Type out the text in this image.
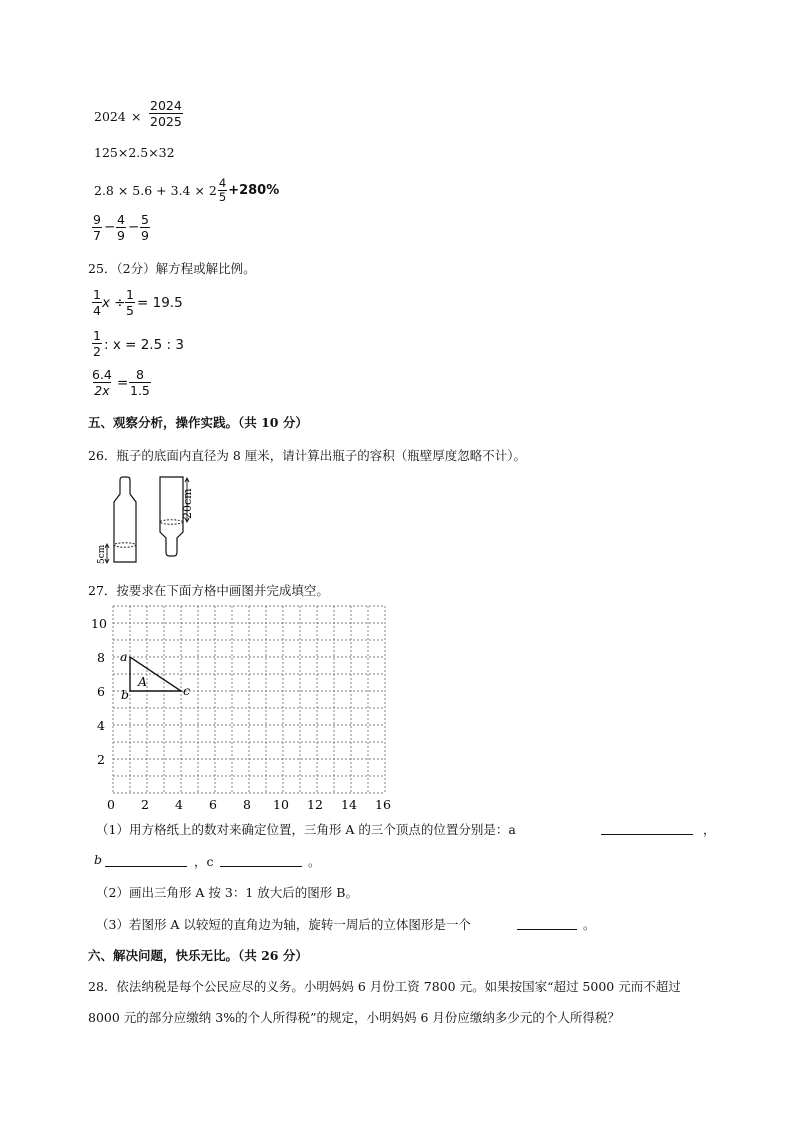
$2024 \times \frac{2024}{2025}$
125×2.5×32
$2.8 \times 5.6 + 3.4 \times 2 \frac{4}{5} +280\%$
$\frac{9}{7} - \frac{4}{9} - \frac{5}{9}$
25．（2分）解方程或解比例。
$\frac{1}{4}$ $x \div \frac{1}{5} = 19.5$
$\frac{1}{2}$ : x = 2.5 : 3
$\frac{6.4}{2x} = \frac{8}{1.5}$
五、观察分析，操作实践。（共 10 分）
26．瓶子的底面内直径为 8 厘米，请计算出瓶子的容积（瓶壁厚度忽略不计）。
5cm
20cm
27．按要求在下面方格中画图并完成填空。
10
8
6
4
2
0 2 4 6 8 10 12 14 16
a
b	c
A
（1）用方格纸上的数对来确定位置，三角形 A 的三个顶点的位置分别是：a	，
b	，c	。
（2）画出三角形 A 按 3：1 放大后的图形 B。
（3）若图形 A 以较短的直角边为轴，旋转一周后的立体图形是一个	。
六、解决问题，快乐无比。（共 26 分）
28．依法纳税是每个公民应尽的义务。小明妈妈 6 月份工资 7800 元。如果按国家“超过 5000 元而不超过
8000 元的部分应缴纳 3%的个人所得税”的规定，小明妈妈 6 月份应缴纳多少元的个人所得税？
